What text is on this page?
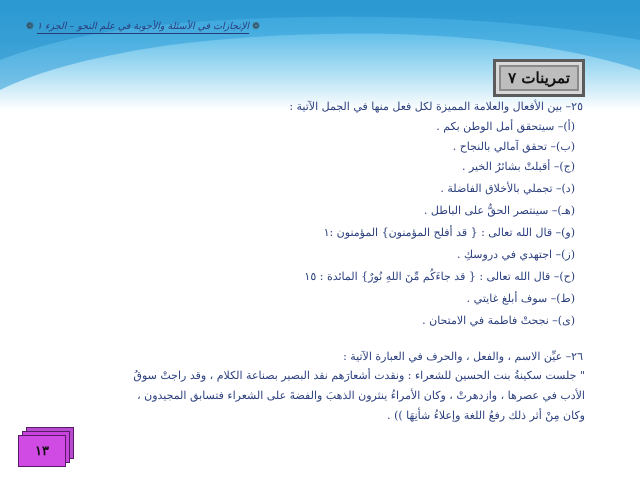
❁ الإنجازات في الأسئلة والأجوبة في علم النحو – الجزء ١ ❁
تمرينات ٧
٢٥– بين الأفعال والعلامة المميزة لكل فعل منها في الجمل الآتية :
(أ)– سيتحقق أمل الوطن بكم .
(ب)– تحقق آمالي بالنجاح .
(ج)– أقبلتْ بشائرُ الخير .
(د)– تجملي بالأخلاق الفاضلة .
(هـ)– سينتصر الحقُّ على الباطل .
(و)– قال الله تعالى : { قد أفلح المؤمنون} المؤمنون :١
(ز)– اجتهدي في دروسكِ .
(ح)– قال الله تعالى : { قد جاءَكُم مِّنَ اللهِ نُورٌ} المائدة : ١٥
(ط)– سوف أبلغ غايتي .
(ى)– نجحتْ فاطمة في الامتحان .
٢٦– عيِّن الاسم ، والفعل ، والحرف في العبارة الآتية :
" جلست سكينةُ بنت الحسين للشعراء : ونقدت أشعارَهم نقد البصير بصناعة الكلام ، وقد راجتْ سوقُ
الأدب في عصرها ، وازدهرتْ ، وكان الأمراءُ ينثرون الذهبَ والفضةَ على الشعراء فتسابق المجيدون ،
وكان مِنْ أثر ذلك رفعُ اللغة وإعلاءُ شأنِهَا )) .
١٣
